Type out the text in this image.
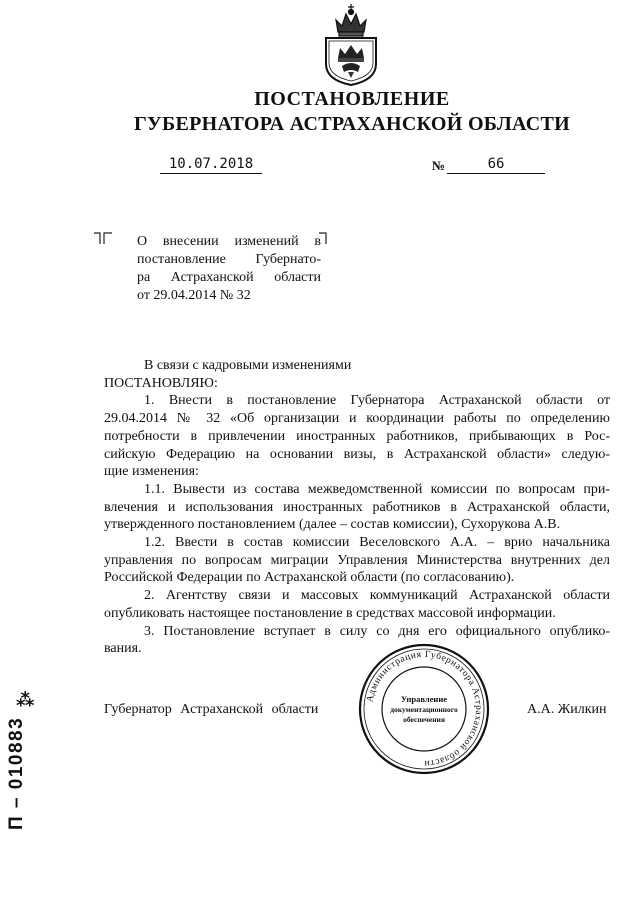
ПОСТАНОВЛЕНИЕ
ГУБЕРНАТОРА АСТРАХАНСКОЙ ОБЛАСТИ
10.07.2018	№	66
О внесении изменений в
постановление Губернато-
ра Астраханской области
от 29.04.2014 № 32
В связи с кадровыми изменениями
ПОСТАНОВЛЯЮ:
1. Внести в постановление Губернатора Астраханской области от
29.04.2014 № 32 «Об организации и координации работы по определению
потребности в привлечении иностранных работников, прибывающих в Рос-
сийскую Федерацию на основании визы, в Астраханской области» следую-
щие изменения:
1.1. Вывести из состава межведомственной комиссии по вопросам при-
влечения и использования иностранных работников в Астраханской области,
утвержденного постановлением (далее – состав комиссии), Сухорукова А.В.
1.2. Ввести в состав комиссии Веселовского А.А. – врио начальника
управления по вопросам миграции Управления Министерства внутренних дел
Российской Федерации по Астраханской области (по согласованию).
2. Агентству связи и массовых коммуникаций Астраханской области
опубликовать настоящее постановление в средствах массовой информации.
3. Постановление вступает в силу со дня его официального опублико-
вания.
Губернатор Астраханской области	А.А. Жилкин
Администрация Губернатора Астраханской области
Управление
документационного
обеспечения
⁂
П – 010883
